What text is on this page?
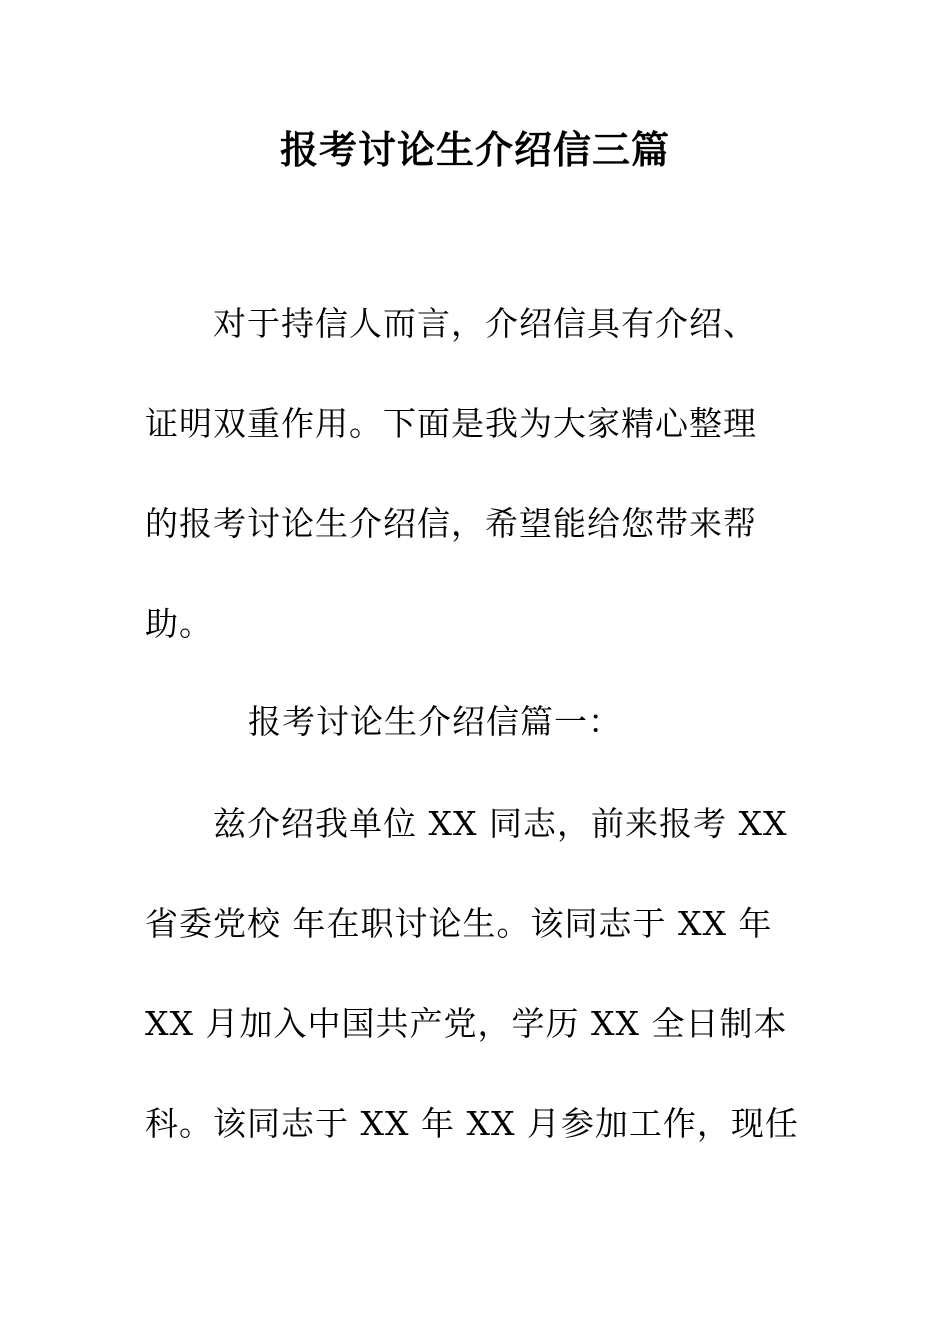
报考讨论生介绍信三篇
对于持信人而言，介绍信具有介绍、
证明双重作用。下面是我为大家精心整理
的报考讨论生介绍信，希望能给您带来帮
助。
报考讨论生介绍信篇一：
兹介绍我单位 XX 同志，前来报考 XX
省委党校 年在职讨论生。该同志于 XX 年
XX 月加入中国共产党，学历 XX 全日制本
科。该同志于 XX 年 XX 月参加工作，现任
